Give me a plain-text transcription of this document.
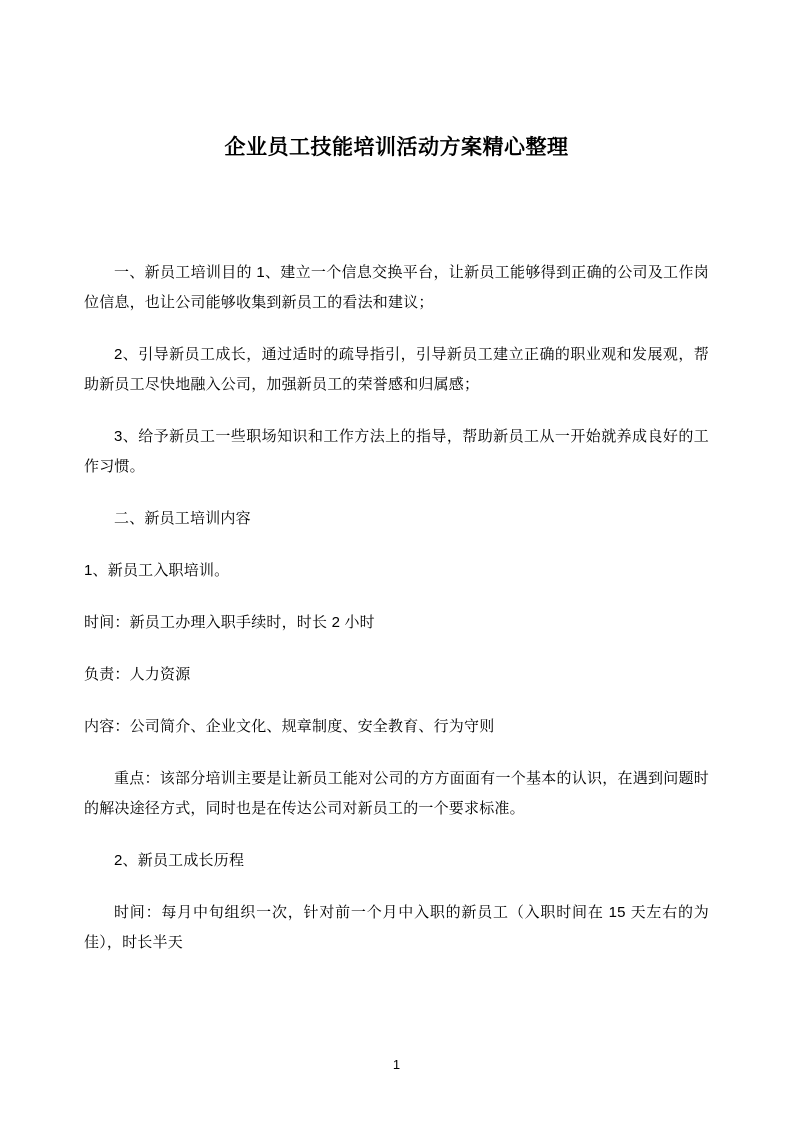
企业员工技能培训活动方案精心整理

一、新员工培训目的 1、建立一个信息交换平台，让新员工能够得到正确的公司及工作岗位信息，也让公司能够收集到新员工的看法和建议；

2、引导新员工成长，通过适时的疏导指引，引导新员工建立正确的职业观和发展观，帮助新员工尽快地融入公司，加强新员工的荣誉感和归属感；

3、给予新员工一些职场知识和工作方法上的指导，帮助新员工从一开始就养成良好的工作习惯。

二、新员工培训内容

1、新员工入职培训。

时间：新员工办理入职手续时，时长 2 小时

负责：人力资源

内容：公司简介、企业文化、规章制度、安全教育、行为守则

重点：该部分培训主要是让新员工能对公司的方方面面有一个基本的认识，在遇到问题时的解决途径方式，同时也是在传达公司对新员工的一个要求标准。

2、新员工成长历程

时间：每月中旬组织一次，针对前一个月中入职的新员工（入职时间在 15 天左右的为佳），时长半天

1
